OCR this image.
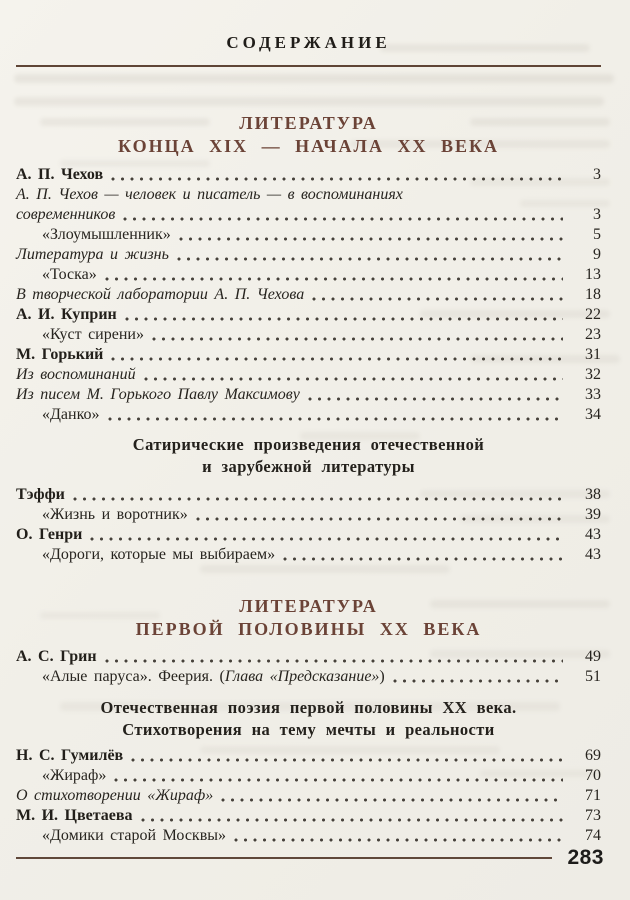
СОДЕРЖАНИЕ
ЛИТЕРАТУРА
КОНЦА XIX — НАЧАЛА XX ВЕКА
А. П. Чехов	3
А. П. Чехов — человек и писатель — в воспоминаниях
современников	3
«Злоумышленник»	5
Литература и жизнь	9
«Тоска»	13
В творческой лаборатории А. П. Чехова	18
А. И. Куприн	22
«Куст сирени»	23
М. Горький	31
Из воспоминаний	32
Из писем М. Горького Павлу Максимову	33
«Данко»	34
Сатирические произведения отечественной
и зарубежной литературы
Тэффи	38
«Жизнь и воротник»	39
О. Генри	43
«Дороги, которые мы выбираем»	43
ЛИТЕРАТУРА
ПЕРВОЙ ПОЛОВИНЫ XX ВЕКА
А. С. Грин	49
«Алые паруса». Феерия. (Глава «Предсказание»)	51
Отечественная поэзия первой половины XX века.
Стихотворения на тему мечты и реальности
Н. С. Гумилёв	69
«Жираф»	70
О стихотворении «Жираф»	71
М. И. Цветаева	73
«Домики старой Москвы»	74
283
